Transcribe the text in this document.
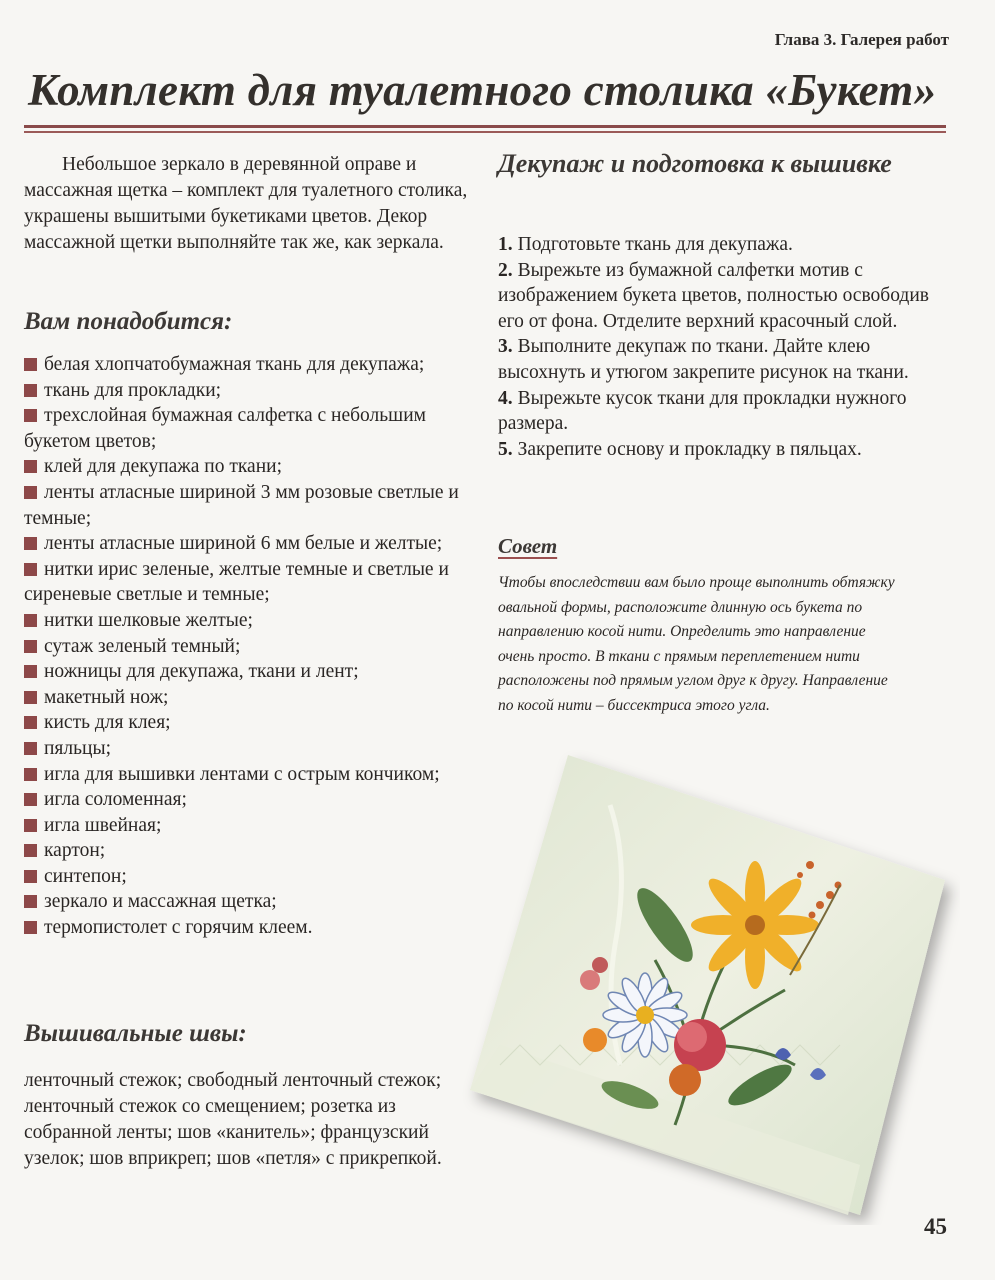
Глава 3. Галерея работ
Комплект для туалетного столика «Букет»

Небольшое зеркало в деревянной оправе и массажная щетка – комплект для туалетного столика, украшены вышитыми букетиками цветов. Декор массажной щетки выполняйте так же, как зеркала.

Вам понадобится:
белая хлопчатобумажная ткань для декупажа;
ткань для прокладки;
трехслойная бумажная салфетка с небольшим букетом цветов;
клей для декупажа по ткани;
ленты атласные шириной 3 мм розовые светлые и темные;
ленты атласные шириной 6 мм белые и желтые;
нитки ирис зеленые, желтые темные и светлые и сиреневые светлые и темные;
нитки шелковые желтые;
сутаж зеленый темный;
ножницы для декупажа, ткани и лент;
макетный нож;
кисть для клея;
пяльцы;
игла для вышивки лентами с острым кончиком;
игла соломенная;
игла швейная;
картон;
синтепон;
зеркало и массажная щетка;
термопистолет с горячим клеем.
Вышивальные швы:

ленточный стежок; свободный ленточный стежок; ленточный стежок со смещением; розетка из собранной ленты; шов «канитель»; французский узелок; шов вприкреп; шов «петля» с прикрепкой.

Декупаж и подготовка к вышивке
1. Подготовьте ткань для декупажа.
2. Вырежьте из бумажной салфетки мотив с изображением букета цветов, полностью освободив его от фона. Отделите верхний красочный слой.
3. Выполните декупаж по ткани. Дайте клею высохнуть и утюгом закрепите рисунок на ткани.
4. Вырежьте кусок ткани для прокладки нужного размера.
5. Закрепите основу и прокладку в пяльцах.
Совет

Чтобы впоследствии вам было проще выполнить обтяжку овальной формы, расположите длинную ось букета по направлению косой нити. Определить это направление очень просто. В ткани с прямым переплетением нити расположены под прямым углом друг к другу. Направление по косой нити – биссектриса этого угла.

45
